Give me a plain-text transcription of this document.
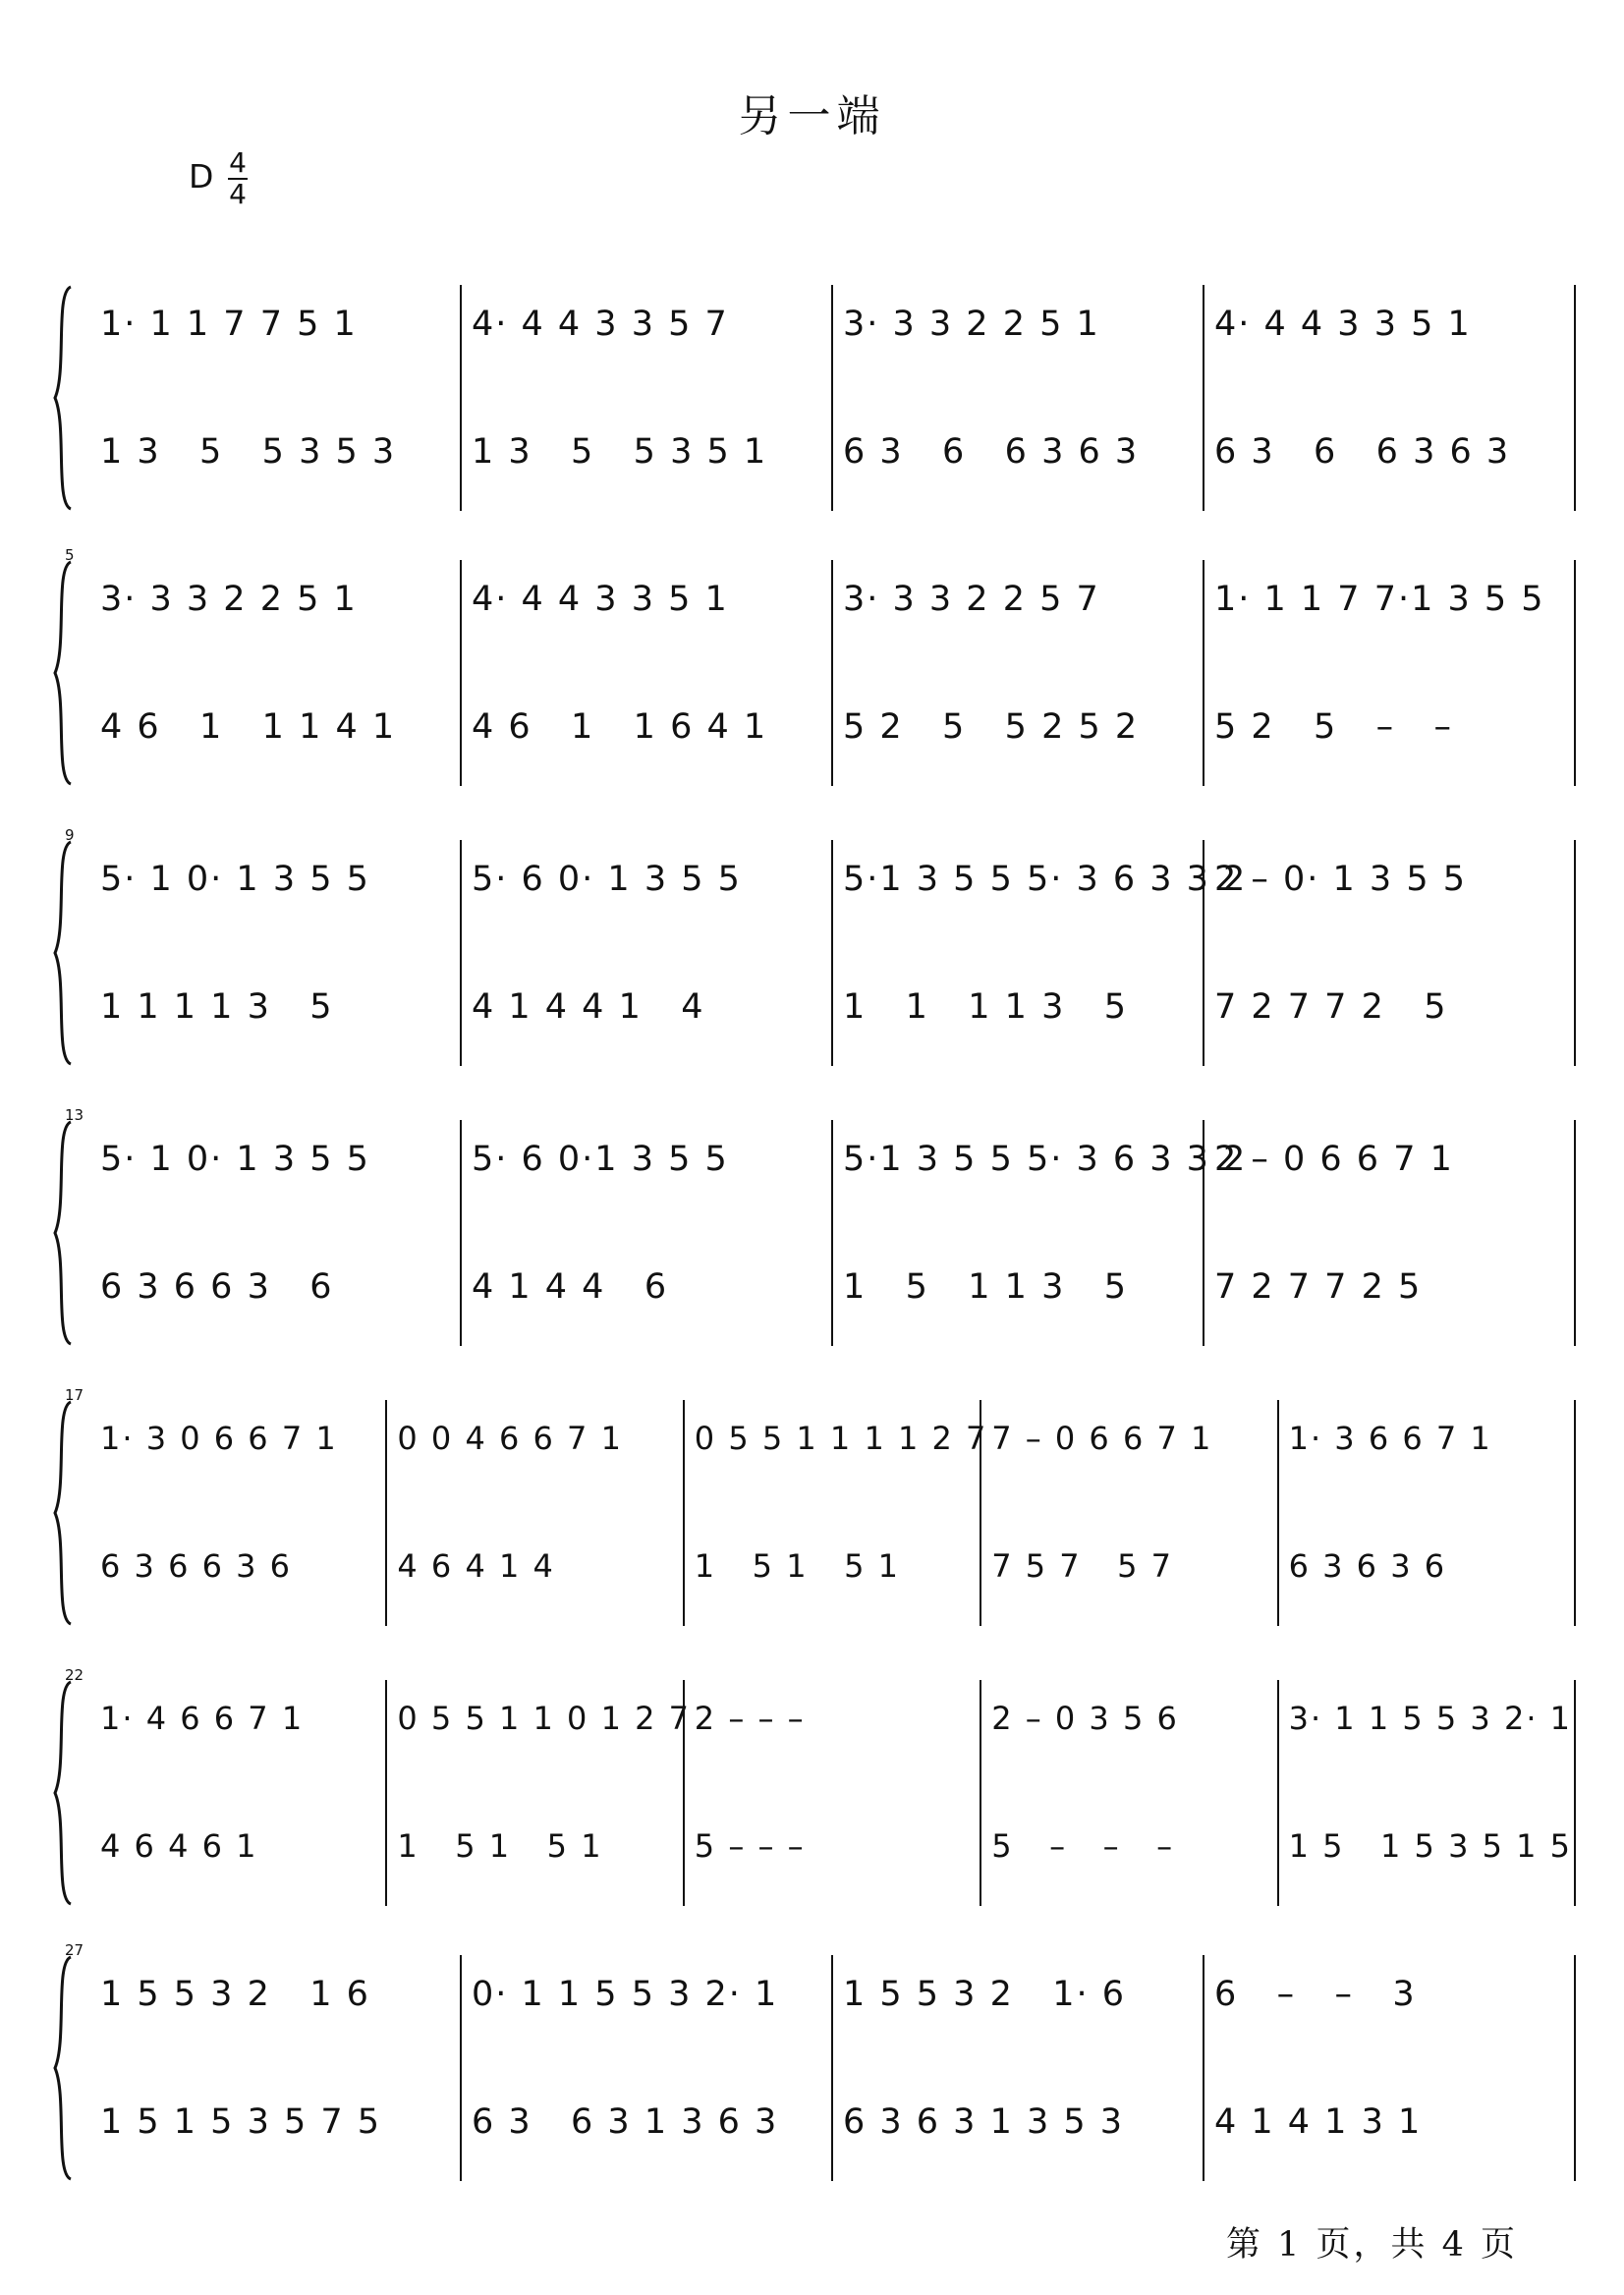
另一端
D 4
4
1· 1 1 7 7 5 1
1 3   5   5 3 5 3
4· 4 4 3 3 5 7
1 3   5   5 3 5 1
3· 3 3 2 2 5 1
6 3   6   6 3 6 3
4· 4 4 3 3 5 1
6 3   6   6 3 6 3
5
3· 3 3 2 2 5 1
4 6   1   1 1 4 1
4· 4 4 3 3 5 1
4 6   1   1 6 4 1
3· 3 3 2 2 5 7
5 2   5   5 2 5 2
1· 1 1 7 7·1 3 5 5
5 2   5   –   –
9
5· 1 0· 1 3 5 5
1 1 1 1 3   5
5· 6 0· 1 3 5 5
4 1 4 4 1   4
5·1 3 5 5 5· 3 6 3 3 2
1   1   1 1 3   5
2 – 0· 1 3 5 5
7 2 7 7 2   5
13
5· 1 0· 1 3 5 5
6 3 6 6 3   6
5· 6 0·1 3 5 5
4 1 4 4   6
5·1 3 5 5 5· 3 6 3 3 2
1   5   1 1 3   5
2 – 0 6 6 7 1
7 2 7 7 2 5
17
1· 3 0 6 6 7 1
6 3 6 6 3 6
0 0 4 6 6 7 1
4 6 4 1 4
0 5 5 1 1 1 1 2 7
1   5 1   5 1
7 – 0 6 6 7 1
7 5 7   5 7
1· 3 6 6 7 1
6 3 6 3 6
22
1· 4 6 6 7 1
4 6 4 6 1
0 5 5 1 1 0 1 2 7
1   5 1   5 1
2 – – –
5 – – –
2 – 0 3 5 6
5   –   –   –
3· 1 1 5 5 3 2· 1
1 5   1 5 3 5 1 5
27
1 5 5 3 2   1 6
1 5 1 5 3 5 7 5
0· 1 1 5 5 3 2· 1
6 3   6 3 1 3 6 3
1 5 5 3 2   1· 6
6 3 6 3 1 3 5 3
6   –   –   3
4 1 4 1 3 1
第 1 页，共 4 页
